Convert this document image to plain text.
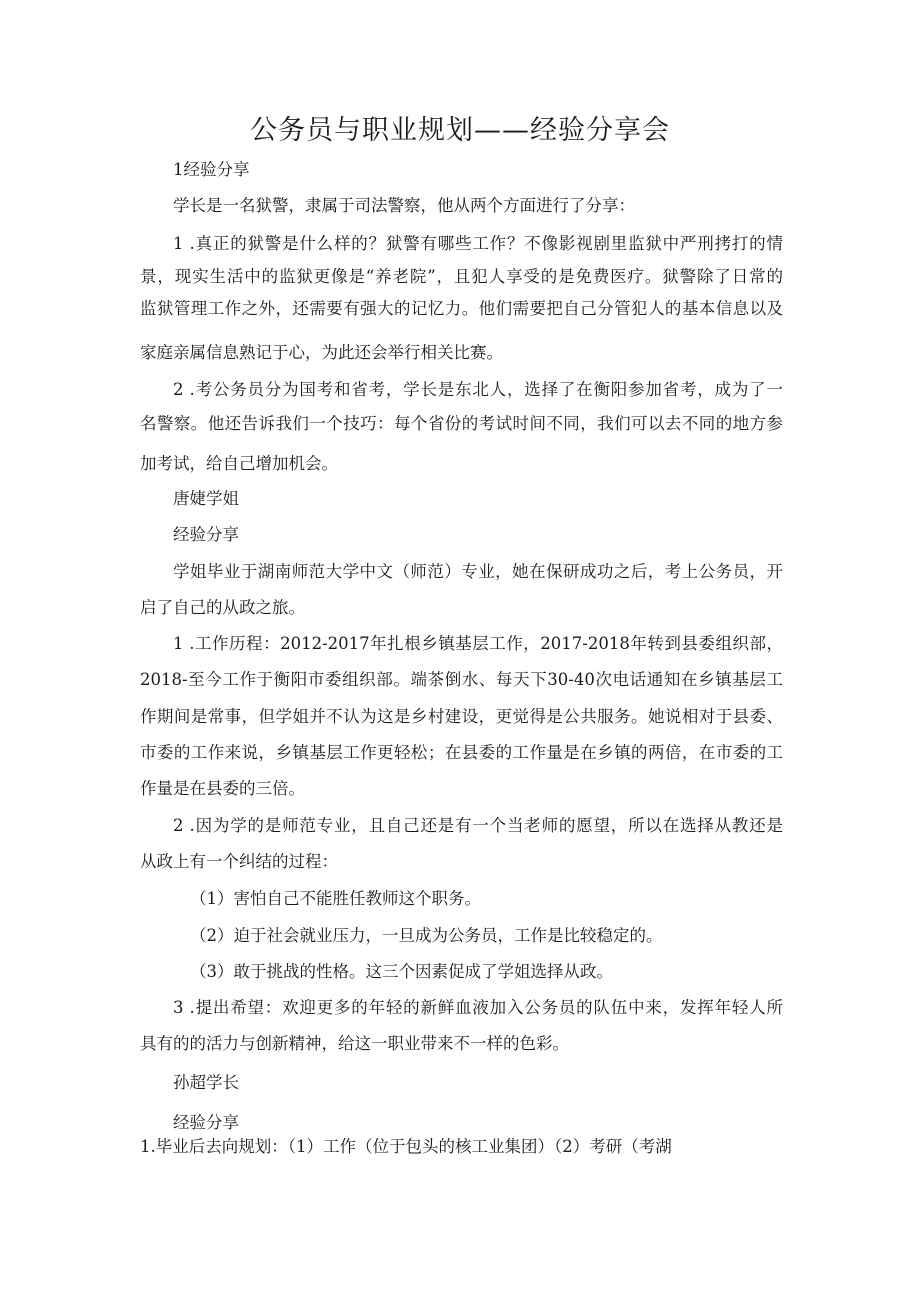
公务员与职业规划——经验分享会

1经验分享

学长是一名狱警，隶属于司法警察，他从两个方面进行了分享：

1 .真正的狱警是什么样的？狱警有哪些工作？不像影视剧里监狱中严刑拷打的情

景，现实生活中的监狱更像是“养老院”，且犯人享受的是免费医疗。狱警除了日常的

监狱管理工作之外，还需要有强大的记忆力。他们需要把自己分管犯人的基本信息以及

家庭亲属信息熟记于心，为此还会举行相关比赛。

2 .考公务员分为国考和省考，学长是东北人，选择了在衡阳参加省考，成为了一

名警察。他还告诉我们一个技巧：每个省份的考试时间不同，我们可以去不同的地方参

加考试，给自己增加机会。

唐婕学姐

经验分享

学姐毕业于湖南师范大学中文（师范）专业，她在保研成功之后，考上公务员，开

启了自己的从政之旅。

1 .工作历程：2012-2017年扎根乡镇基层工作，2017-2018年转到县委组织部，

2018-至今工作于衡阳市委组织部。端茶倒水、每天下30-40次电话通知在乡镇基层工

作期间是常事，但学姐并不认为这是乡村建设，更觉得是公共服务。她说相对于县委、

市委的工作来说，乡镇基层工作更轻松；在县委的工作量是在乡镇的两倍，在市委的工

作量是在县委的三倍。

2 .因为学的是师范专业，且自己还是有一个当老师的愿望，所以在选择从教还是

从政上有一个纠结的过程：

（1）害怕自己不能胜任教师这个职务。

（2）迫于社会就业压力，一旦成为公务员，工作是比较稳定的。

（3）敢于挑战的性格。这三个因素促成了学姐选择从政。

3 .提出希望：欢迎更多的年轻的新鲜血液加入公务员的队伍中来，发挥年轻人所

具有的的活力与创新精神，给这一职业带来不一样的色彩。

孙超学长

经验分享

1.毕业后去向规划：（1）工作（位于包头的核工业集团）（2）考研（考湖
